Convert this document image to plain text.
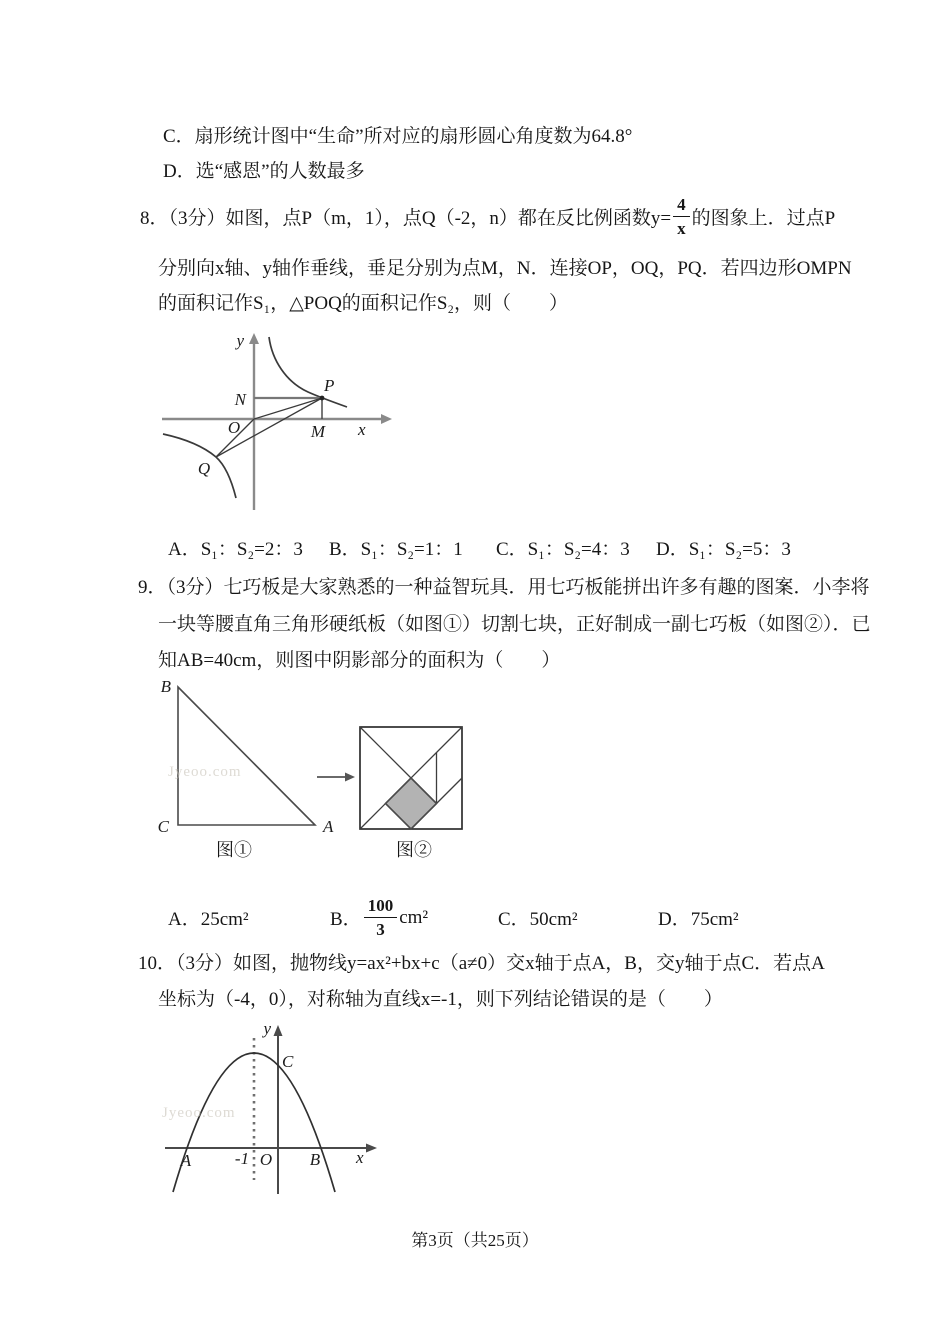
C．扇形统计图中“生命”所对应的扇形圆心角度数为64.8°
D．选“感恩”的人数最多
8．（3分）如图，点P（m，1），点Q（-2，n）都在反比例函数$y= \frac{4}{x}$ 的图象上．过点P
分别向x轴、y轴作垂线，垂足分别为点M，N．连接OP，OQ，PQ．若四边形OMPN
的面积记作S₁，△POQ的面积记作S₂，则（　　）
y
x
N
P
O	M
Q
A．S₁：S₂=2：3 B．S₁：S₂=1：1 C．S₁：S₂=4：3 D．S₁：S₂=5：3
9．（3分）七巧板是大家熟悉的一种益智玩具．用七巧板能拼出许多有趣的图案．小李将
一块等腰直角三角形硬纸板（如图①）切割七块，正好制成一副七巧板（如图②）．已
知AB=40cm，则图中阴影部分的面积为（　　）
B
C	A
Jyeoo.com
图①	图②
A．25cm²	B． $\frac{100}{3} cm^2$	C．50cm²	D．75cm²
10．（3分）如图，抛物线y=ax²+bx+c（a≠0）交x轴于点A，B，交y轴于点C．若点A
坐标为（-4，0），对称轴为直线x=-1，则下列结论错误的是（　　）
y
x
C
A	-1 O B
Jyeoo.com
第3页（共25页）
